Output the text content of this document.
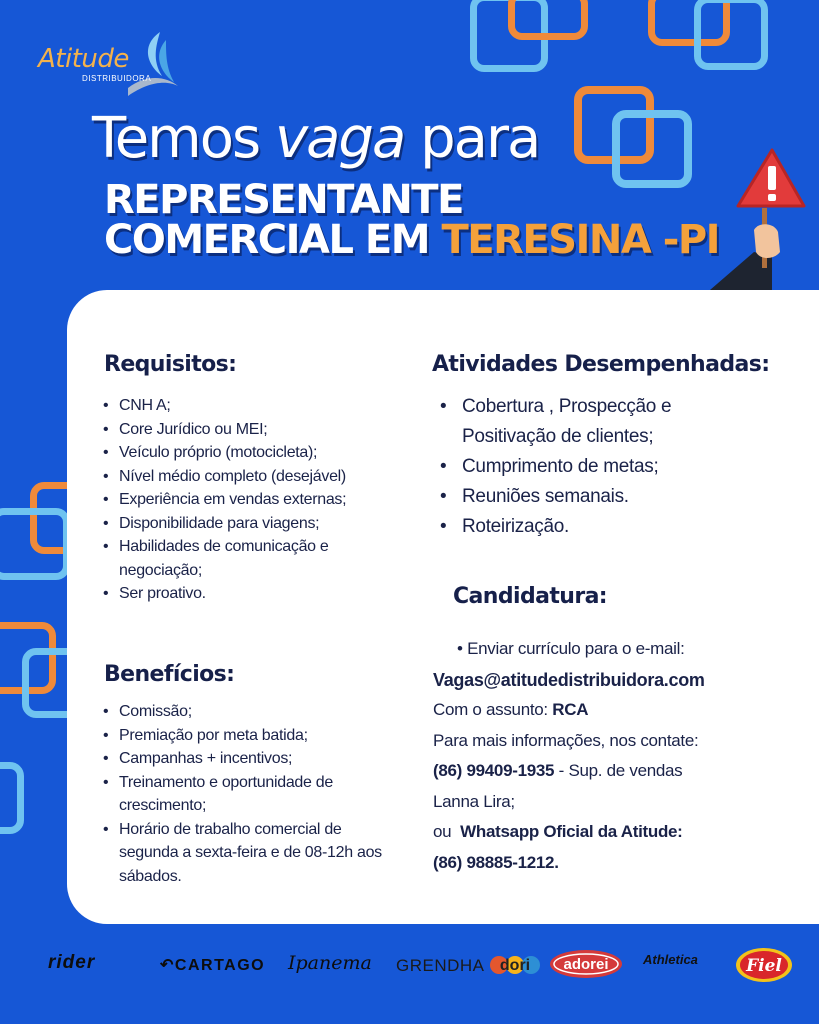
Atitude
DISTRIBUIDORA
Temos vaga para
REPRESENTANTE
COMERCIAL EM TERESINA -PI
Requisitos:
• CNH A;
• Core Jurídico ou MEI;
• Veículo próprio (motocicleta);
• Nível médio completo (desejável)
• Experiência em vendas externas;
• Disponibilidade para viagens;
• Habilidades de comunicação e
negociação;
• Ser proativo.
Benefícios:
• Comissão;
• Premiação por meta batida;
• Campanhas + incentivos;
• Treinamento e oportunidade de
crescimento;
• Horário de trabalho comercial de
segunda a sexta-feira e de 08-12h aos
sábados.
Atividades Desempenhadas:
• Cobertura , Prospecção e
Positivação de clientes;
• Cumprimento de metas;
• Reuniões semanais.
• Roteirização.
Candidatura:
• Enviar currículo para o e-mail:
Vagas@atitudedistribuidora.com
Com o assunto: RCA
Para mais informações, nos contate:
(86) 99409-1935 - Sup. de vendas
Lanna Lira;
ou Whatsapp Oficial da Atitude:
(86) 98885-1212.
rider	↶CARTAGO Ipanema GRENDHA dori adorei	Athletica	Fiel
